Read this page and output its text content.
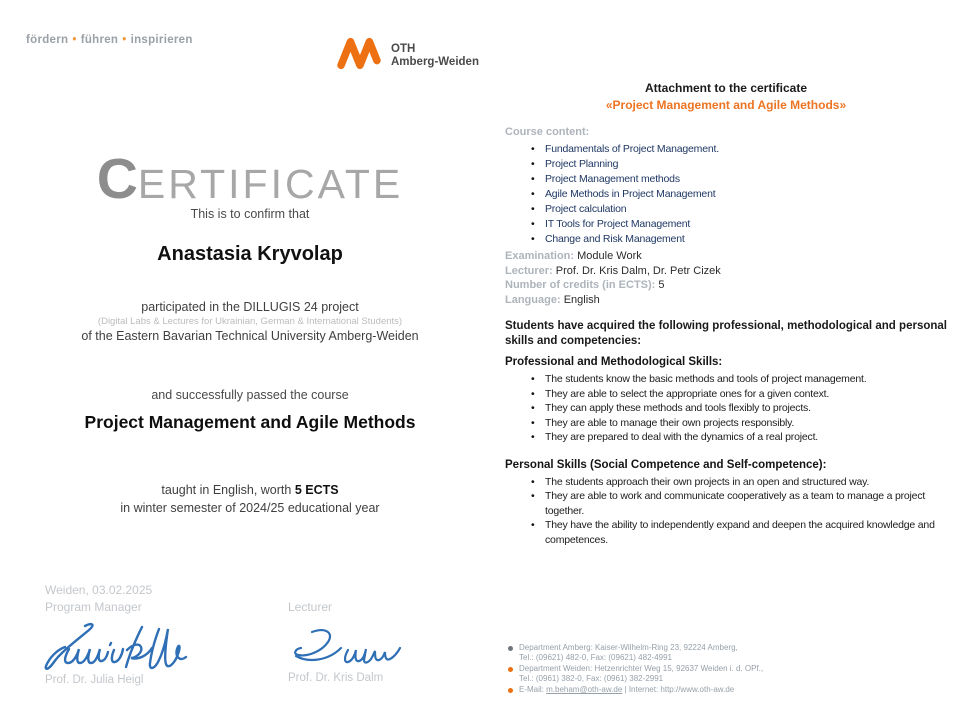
fördern • führen • inspirieren
OTH
Amberg-Weiden
CERTIFICATE
This is to confirm that
Anastasia Kryvolap
participated in the DILLUGIS 24 project
(Digital Labs & Lectures for Ukrainian, German & International Students)
of the Eastern Bavarian Technical University Amberg-Weiden
and successfully passed the course
Project Management and Agile Methods
taught in English, worth 5 ECTS
in winter semester of 2024/25 educational year
Weiden, 03.02.2025
Program Manager
Prof. Dr. Julia Heigl
Lecturer
Prof. Dr. Kris Dalm
Attachment to the certificate
«Project Management and Agile Methods»
Course content:
• Fundamentals of Project Management.
• Project Planning
• Project Management methods
• Agile Methods in Project Management
• Project calculation
• IT Tools for Project Management
• Change and Risk Management
Examination: Module Work
Lecturer: Prof. Dr. Kris Dalm, Dr. Petr Cizek
Number of credits (in ECTS): 5
Language: English

Students have acquired the following professional, methodological and personal skills and competencies:

Professional and Methodological Skills:
• The students know the basic methods and tools of project management.
• They are able to select the appropriate ones for a given context.
• They can apply these methods and tools flexibly to projects.
• They are able to manage their own projects responsibly.
• They are prepared to deal with the dynamics of a real project.
Personal Skills (Social Competence and Self-competence):
• The students approach their own projects in an open and structured way.
• They are able to work and communicate cooperatively as a team to manage a project together.
• They have the ability to independently expand and deepen the acquired knowledge and competences.
Department Amberg: Kaiser-Wilhelm-Ring 23, 92224 Amberg,
Tel.: (09621) 482-0, Fax: (09621) 482-4991
Department Weiden: Hetzenrichter Weg 15, 92637 Weiden i. d. OPf.,
Tel.: (0961) 382-0, Fax: (0961) 382-2991
E-Mail: m.beham@oth-aw.de | Internet: http://www.oth-aw.de
